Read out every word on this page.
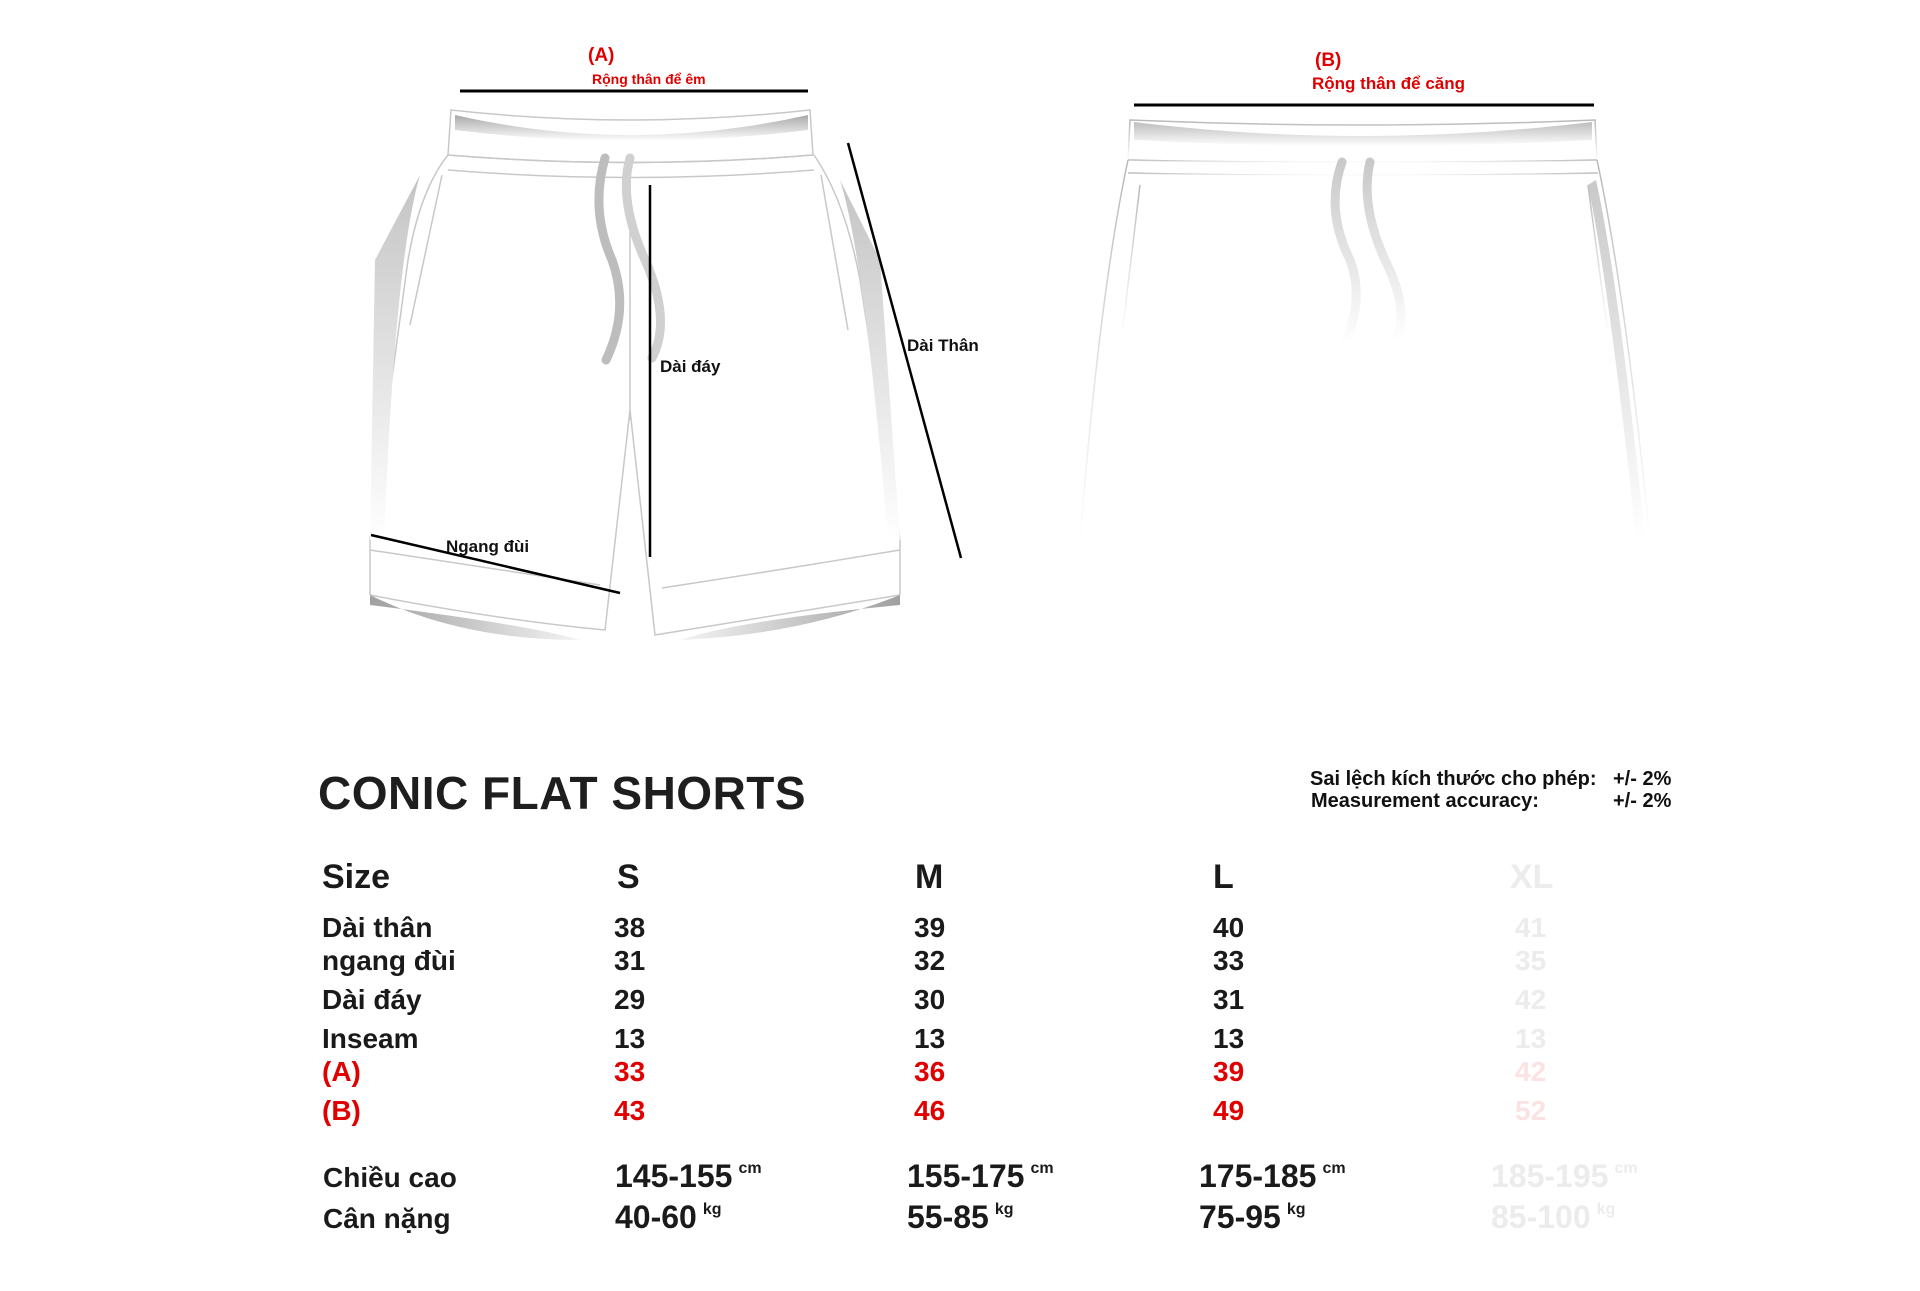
(A)
Rộng thân để êm
Dài đáy
Dài Thân
Ngang đùi
(B)
Rộng thân để căng
CONIC FLAT SHORTS	Sai lệch kích thước cho phép: +/- 2%
Measurement accuracy:	+/- 2%
Size	S	M	L	XL
Dài thân	38	39	40	41
ngang đùi	31	32	33	35
Dài đáy	29	30	31	42
Inseam	13	13	13	13
(A)	33	36	39	42
(B)	43	46	49	52
Chiều cao	145-155 $^{cm}$	155-175 $^{cm}$	175-185 $^{cm}$	185-195 $^{cm}$
Cân nặng	40-60 $^{kg}$	55-85 $^{kg}$	75-95 $^{kg}$	85-100 $^{kg}$
